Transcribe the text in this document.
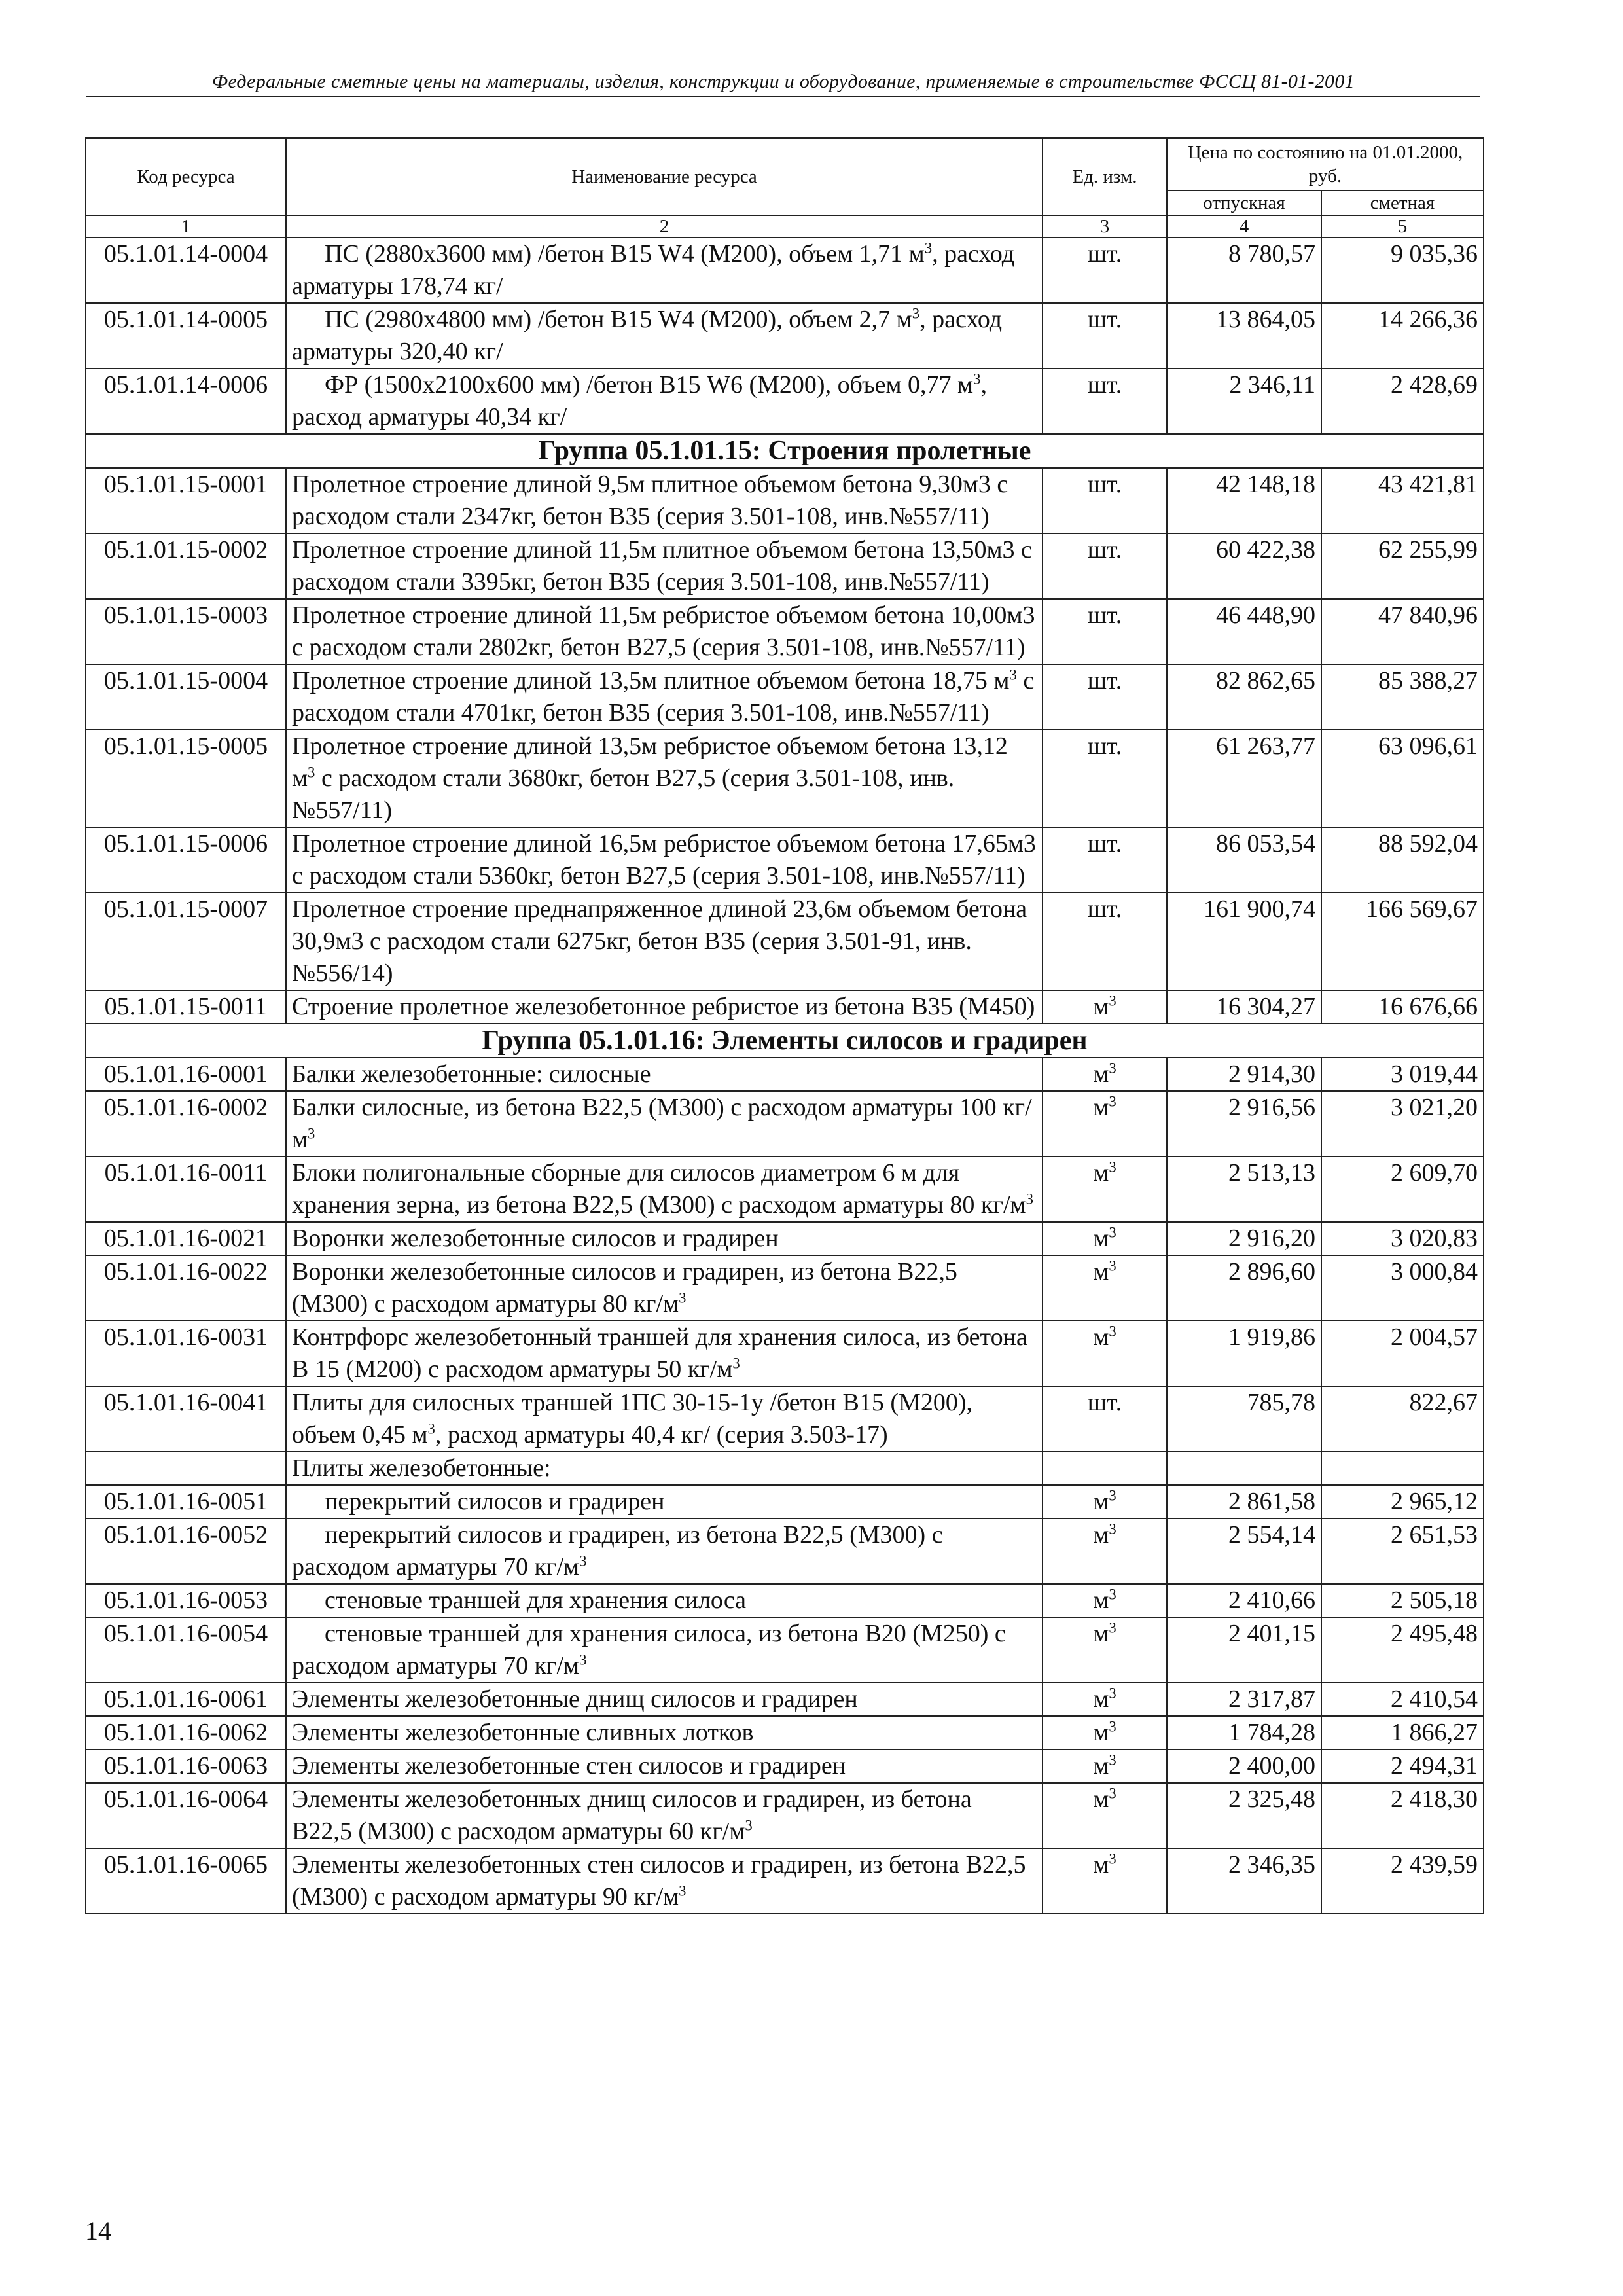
Федеральные сметные цены на материалы, изделия, конструкции и оборудование, применяемые в строительстве ФССЦ 81-01-2001
Код ресурса	Наименование ресурса	Ед. изм.	Цена по состоянию на 01.01.2000, руб.	
			отпускная	сметная
1	2	3	4	5
05.1.01.14-0004	ПС (2880x3600 мм) /бетон В15 W4 (М200), объем 1,71 $м^3$, расход арматуры 178,74 кг/	шт.	8 780,57	9 035,36
05.1.01.14-0005	ПС (2980x4800 мм) /бетон В15 W4 (М200), объем 2,7 $м^3$, расход арматуры 320,40 кг/	шт.	13 864,05	14 266,36
05.1.01.14-0006	ФР (1500x2100x600 мм) /бетон В15 W6 (М200), объем 0,77 $м^3$, расход арматуры 40,34 кг/	шт.	2 346,11	2 428,69
Группа 05.1.01.15: Строения пролетные				
05.1.01.15-0001	Пролетное строение длиной 9,5м плитное объемом бетона 9,30м3 с расходом стали 2347кг, бетон В35 (серия 3.501-108, инв.№557/11)	шт.	42 148,18	43 421,81
05.1.01.15-0002	Пролетное строение длиной 11,5м плитное объемом бетона 13,50м3 с расходом стали 3395кг, бетон В35 (серия 3.501-108, инв.№557/11)	шт.	60 422,38	62 255,99
05.1.01.15-0003	Пролетное строение длиной 11,5м ребристое объемом бетона 10,00м3 с расходом стали 2802кг, бетон В27,5 (серия 3.501-108, инв.№557/11)	шт.	46 448,90	47 840,96
05.1.01.15-0004	Пролетное строение длиной 13,5м плитное объемом бетона 18,75 $м^3$ с расходом стали 4701кг, бетон В35 (серия 3.501-108, инв.№557/11)	шт.	82 862,65	85 388,27
05.1.01.15-0005	Пролетное строение длиной 13,5м ребристое объемом бетона 13,12 $м^3$ с расходом стали 3680кг, бетон В27,5 (серия 3.501-108, инв.№557/11)	шт.	61 263,77	63 096,61
05.1.01.15-0006	Пролетное строение длиной 16,5м ребристое объемом бетона 17,65м3 с расходом стали 5360кг, бетон В27,5 (серия 3.501-108, инв.№557/11)	шт.	86 053,54	88 592,04
05.1.01.15-0007	Пролетное строение преднапряженное длиной 23,6м объемом бетона 30,9м3 с расходом стали 6275кг, бетон В35 (серия 3.501-91, инв.№556/14)	шт.	161 900,74	166 569,67
05.1.01.15-0011	Строение пролетное железобетонное ребристое из бетона В35 (М450)	$м^3$	16 304,27	16 676,66
Группа 05.1.01.16: Элементы силосов и градирен				
05.1.01.16-0001	Балки железобетонные: силосные	$м^3$	2 914,30	3 019,44
05.1.01.16-0002	Балки силосные, из бетона В22,5 (М300) с расходом арматуры 100 $кг/м^3$	$м^3$	2 916,56	3 021,20
05.1.01.16-0011	Блоки полигональные сборные для силосов диаметром 6 м для хранения зерна, из бетона В22,5 (М300) с расходом арматуры 80 $кг/м^3$	$м^3$	2 513,13	2 609,70
05.1.01.16-0021	Воронки железобетонные силосов и градирен	$м^3$	2 916,20	3 020,83
05.1.01.16-0022	Воронки железобетонные силосов и градирен, из бетона В22,5 (М300) с расходом арматуры 80 $кг/м^3$	$м^3$	2 896,60	3 000,84
05.1.01.16-0031	Контрфорс железобетонный траншей для хранения силоса, из бетона В 15 (М200) с расходом арматуры 50 $кг/м^3$	$м^3$	1 919,86	2 004,57
05.1.01.16-0041	Плиты для силосных траншей 1ПС 30-15-1у /бетон В15 (М200), объем 0,45 $м^3$, расход арматуры 40,4 кг/ (серия 3.503-17)	шт.	785,78	822,67
	Плиты железобетонные:			
05.1.01.16-0051	перекрытий силосов и градирен	$м^3$	2 861,58	2 965,12
05.1.01.16-0052	перекрытий силосов и градирен, из бетона В22,5 (М300) с расходом арматуры 70 $кг/м^3$	$м^3$	2 554,14	2 651,53
05.1.01.16-0053	стеновые траншей для хранения силоса	$м^3$	2 410,66	2 505,18
05.1.01.16-0054	стеновые траншей для хранения силоса, из бетона В20 (М250) с расходом арматуры 70 $кг/м^3$	$м^3$	2 401,15	2 495,48
05.1.01.16-0061	Элементы железобетонные днищ силосов и градирен	$м^3$	2 317,87	2 410,54
05.1.01.16-0062	Элементы железобетонные сливных лотков	$м^3$	1 784,28	1 866,27
05.1.01.16-0063	Элементы железобетонные стен силосов и градирен	$м^3$	2 400,00	2 494,31
05.1.01.16-0064	Элементы железобетонных днищ силосов и градирен, из бетона В22,5 (М300) с расходом арматуры 60 $кг/м^3$	$м^3$	2 325,48	2 418,30
05.1.01.16-0065	Элементы железобетонных стен силосов и градирен, из бетона В22,5 (М300) с расходом арматуры 90 $кг/м^3$	$м^3$	2 346,35	2 439,59
14
